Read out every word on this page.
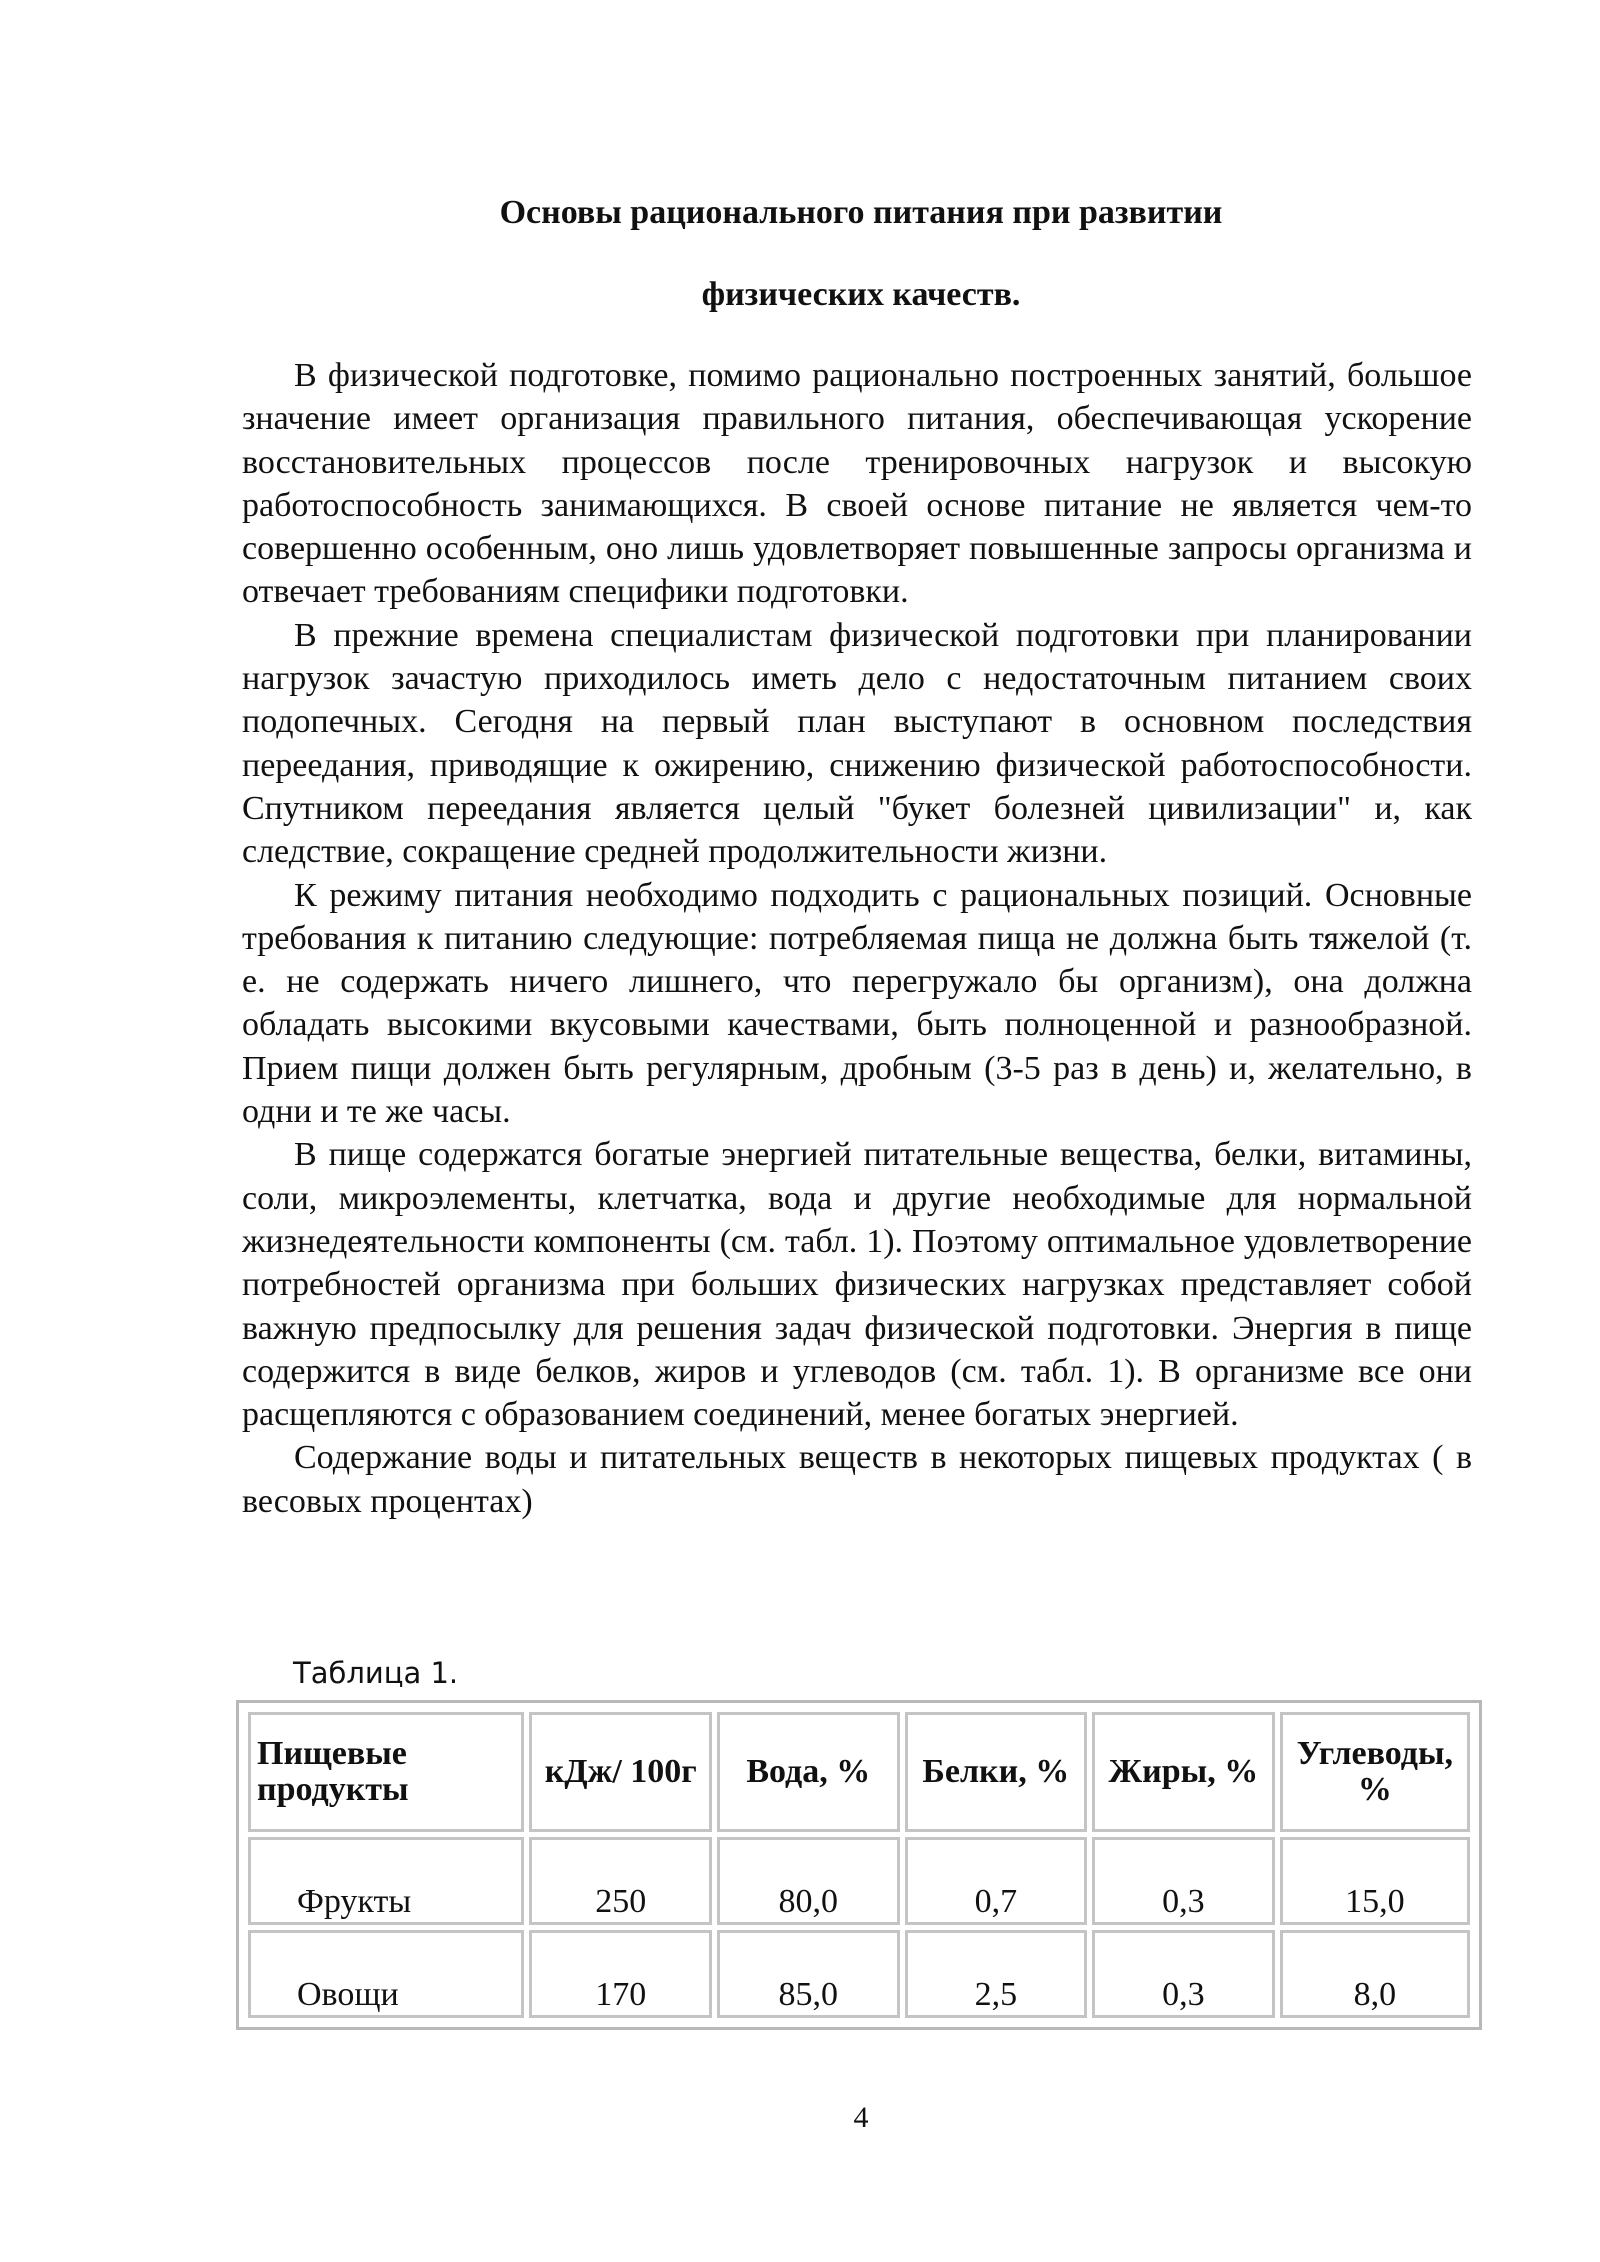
Основы рационального питания при развитии
физических качеств.

В физической подготовке, помимо рационально построенных занятий, большое значение имеет организация правильного питания, обеспечивающая ускорение восстановительных процессов после тренировочных нагрузок и высокую работоспособность занимающихся. В своей основе питание не является чем-то совершенно особенным, оно лишь удовлетворяет повышенные запросы организма и отвечает требованиям специфики подготовки.

В прежние времена специалистам физической подготовки при планировании нагрузок зачастую приходилось иметь дело с недостаточным питанием своих подопечных. Сегодня на первый план выступают в основном последствия переедания, приводящие к ожирению, снижению физической работоспособности. Спутником переедания является целый "букет болезней цивилизации" и, как следствие, сокращение средней продолжительности жизни.

К режиму питания необходимо подходить с рациональных позиций. Основные требования к питанию следующие: потребляемая пища не должна быть тяжелой (т. е. не содержать ничего лишнего, что перегружало бы организм), она должна обладать высокими вкусовыми качествами, быть полноценной и разнообразной. Прием пищи должен быть регулярным, дробным (3-5 раз в день) и, желательно, в одни и те же часы.

В пище содержатся богатые энергией питательные вещества, белки, витамины, соли, микроэлементы, клетчатка, вода и другие необходимые для нормальной жизнедеятельности компоненты (см. табл. 1). Поэтому оптимальное удовлетворение потребностей организма при больших физических нагрузках представляет собой важную предпосылку для решения задач физической подготовки. Энергия в пище содержится в виде белков, жиров и углеводов (см. табл. 1). В организме все они расщепляются с образованием соединений, менее богатых энергией.

Содержание воды и питательных веществ в некоторых пищевых продуктах ( в весовых процентах)

Таблица 1.
Пищевые продукты	кДж/ 100г	Вода, %	Белки, %	Жиры, %	Углеводы, %
Фрукты	250	80,0	0,7	0,3	15,0
Овощи	170	85,0	2,5	0,3	8,0
4
